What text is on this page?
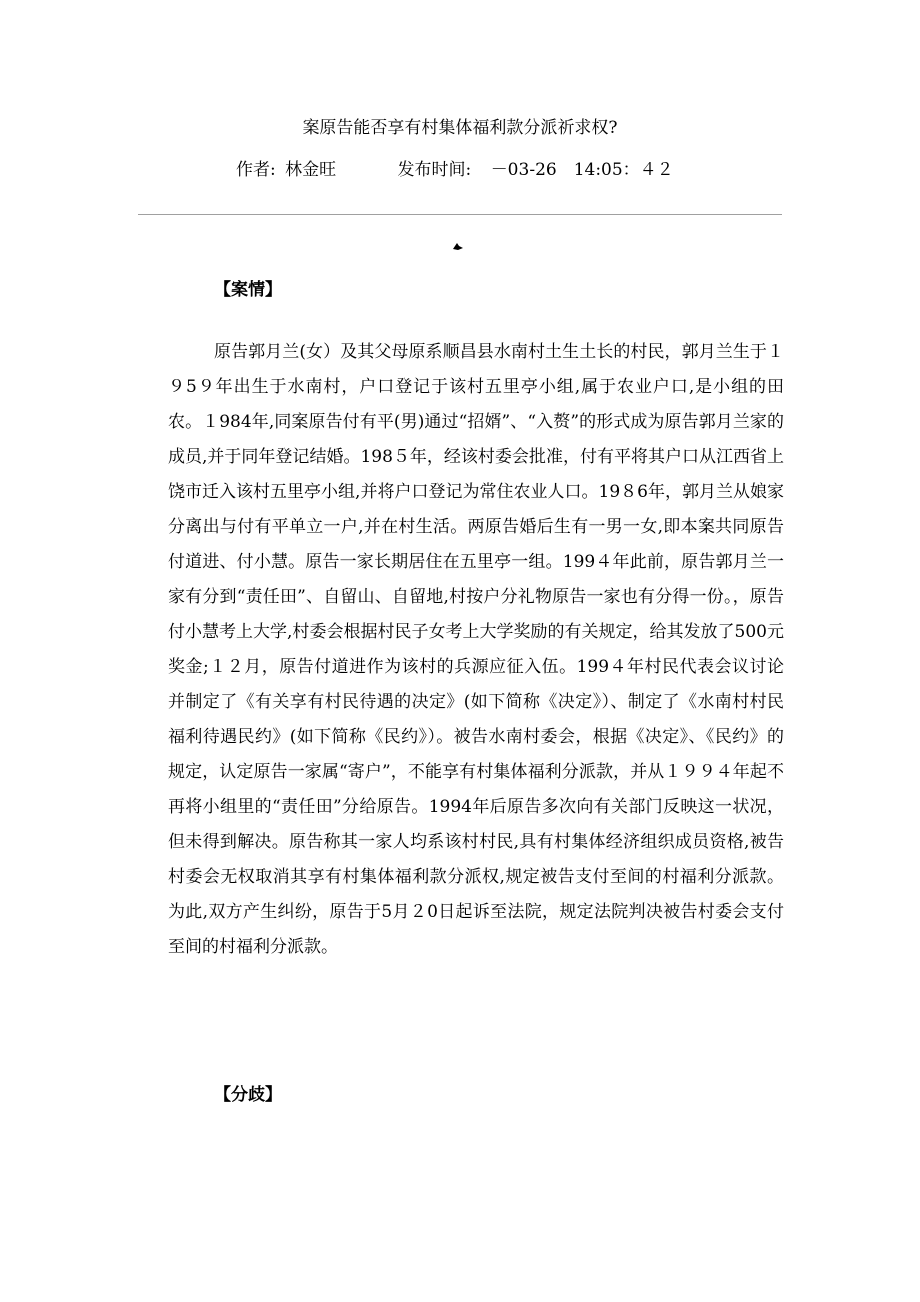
案原告能否享有村集体福利款分派祈求权?
作者: 林金旺	发布时间: －03-26　14:05：４２
【案情】

原告郭月兰(女）及其父母原系顺昌县水南村土生土长的村民，郭月兰生于１９5９年出生于水南村，户口登记于该村五里亭小组,属于农业户口,是小组的田农。１984年,同案原告付有平(男)通过“招婿”、“入赘”的形式成为原告郭月兰家的成员,并于同年登记结婚。198５年，经该村委会批准，付有平将其户口从江西省上饶市迁入该村五里亭小组,并将户口登记为常住农业人口。19８6年，郭月兰从娘家分离出与付有平单立一户,并在村生活。两原告婚后生有一男一女,即本案共同原告付道进、付小慧。原告一家长期居住在五里亭一组。199４年此前，原告郭月兰一家有分到“责任田”、自留山、自留地,村按户分礼物原告一家也有分得一份。，原告付小慧考上大学,村委会根据村民子女考上大学奖励的有关规定，给其发放了500元奖金;１２月，原告付道进作为该村的兵源应征入伍。199４年村民代表会议讨论并制定了《有关享有村民待遇的决定》(如下简称《决定》）、制定了《水南村村民福利待遇民约》(如下简称《民约》）。被告水南村委会，根据《决定》、《民约》的规定，认定原告一家属“寄户”，不能享有村集体福利分派款，并从１９９４年起不再将小组里的“责任田”分给原告。1994年后原告多次向有关部门反映这一状况，但未得到解决。原告称其一家人均系该村村民,具有村集体经济组织成员资格,被告村委会无权取消其享有村集体福利款分派权,规定被告支付至间的村福利分派款。为此,双方产生纠纷，原告于5月２0日起诉至法院，规定法院判决被告村委会支付至间的村福利分派款。

【分歧】
